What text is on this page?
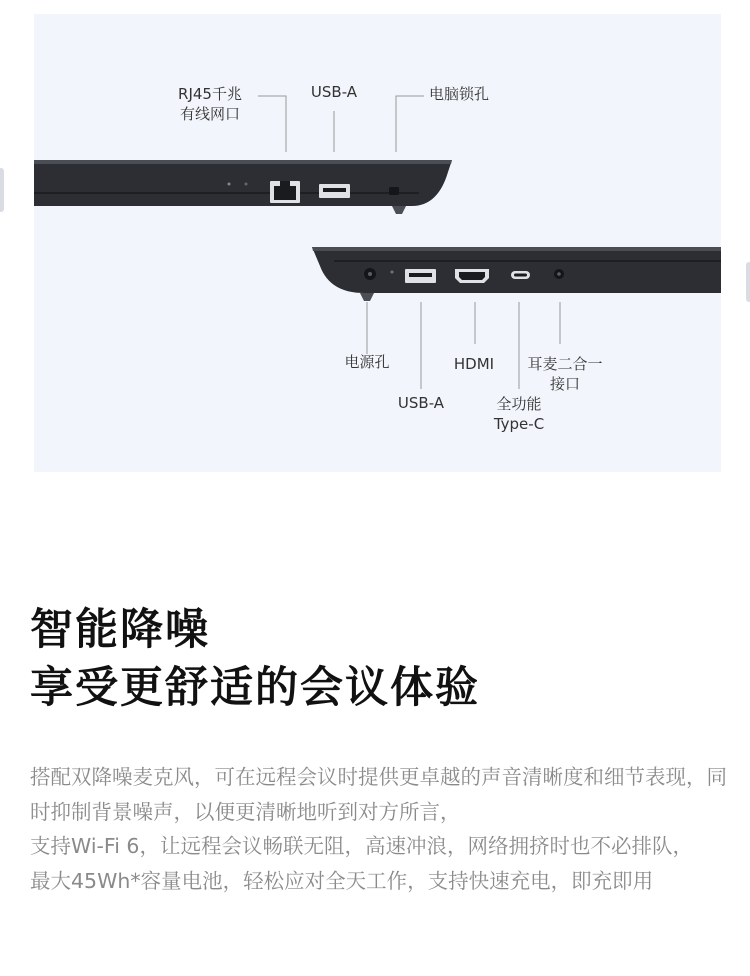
RJ45千兆
有线网口
USB-A	电脑锁孔
电源孔
USB-A
HDMI
全功能
Type-C
耳麦二合一
接口
智能降噪
享受更舒适的会议体验

搭配双降噪麦克风，可在远程会议时提供更卓越的声音清晰度和细节表现，同时抑制背景噪声，以便更清晰地听到对方所言，

支持Wi-Fi 6，让远程会议畅联无阻，高速冲浪，网络拥挤时也不必排队，

最大45Wh*容量电池，轻松应对全天工作，支持快速充电，即充即用
